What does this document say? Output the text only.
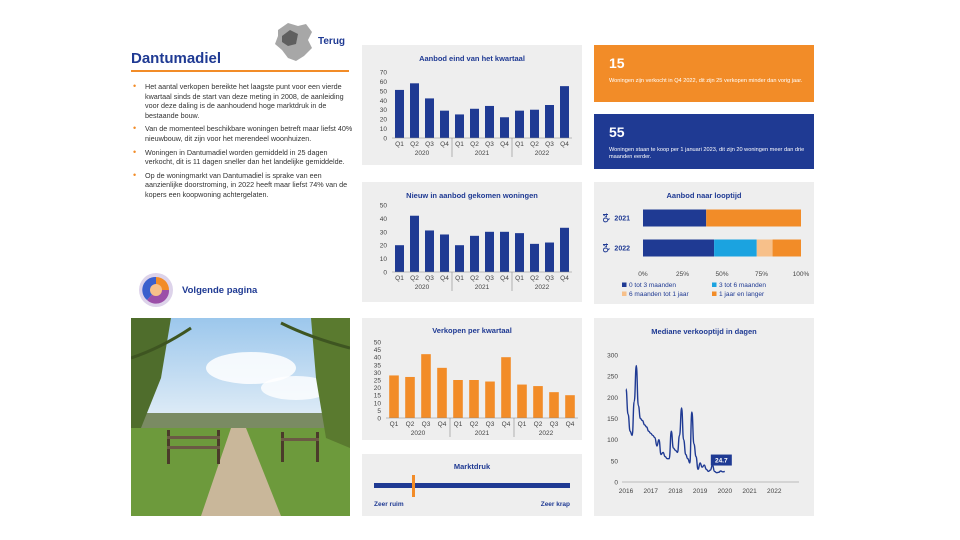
Dantumadiel
Terug
• Het aantal verkopen bereikte het laagste punt voor een vierde kwartaal sinds de start van deze meting in 2008, de aanleiding voor deze daling is de aanhoudend hoge marktdruk in de bestaande bouw.
• Van de momenteel beschikbare woningen betreft maar liefst 40% nieuwbouw, dit zijn voor het merendeel woonhuizen.
• Woningen in Dantumadiel worden gemiddeld in 25 dagen verkocht, dit is 11 dagen sneller dan het landelijke gemiddelde.
• Op de woningmarkt van Dantumadiel is sprake van een aanzienlijke doorstroming, in 2022 heeft maar liefst 74% van de kopers een koopwoning achtergelaten.
Volgende pagina
Aanbod eind van het kwartaal
0
10
20
30
40
50
60
70
Q1 Q2 Q3 Q4 Q1 Q2 Q3 Q4 Q1 Q2 Q3 Q4
2020	2021	2022
Nieuw in aanbod gekomen woningen
0
10
20
30
40
50
Q1 Q2 Q3 Q4 Q1 Q2 Q3 Q4 Q1 Q2 Q3 Q4
2020	2021	2022
Verkopen per kwartaal
0
5
10
15
20
25
30
35
40
45
50
Q1 Q2 Q3 Q4 Q1 Q2 Q3 Q4 Q1 Q2 Q3 Q4
2020	2021	2022
Marktdruk
Zeer ruim	Zeer krap
15
Woningen zijn verkocht in Q4 2022, dit zijn 25 verkopen minder dan vorig jaar.
55
Woningen staan te koop per 1 januari 2023, dit zijn 20 woningen meer dan drie maanden eerder.
Aanbod naar looptijd
2021
Q4
2022
Q4
0%	25%	50%	75%	100%
0 tot 3 maanden	3 tot 6 maanden
6 maanden tot 1 jaar	1 jaar en langer
Mediane verkooptijd in dagen
0
50
100
150
200
250
300
2016 2017 2018 2019 2020 2021 2022
24.7
